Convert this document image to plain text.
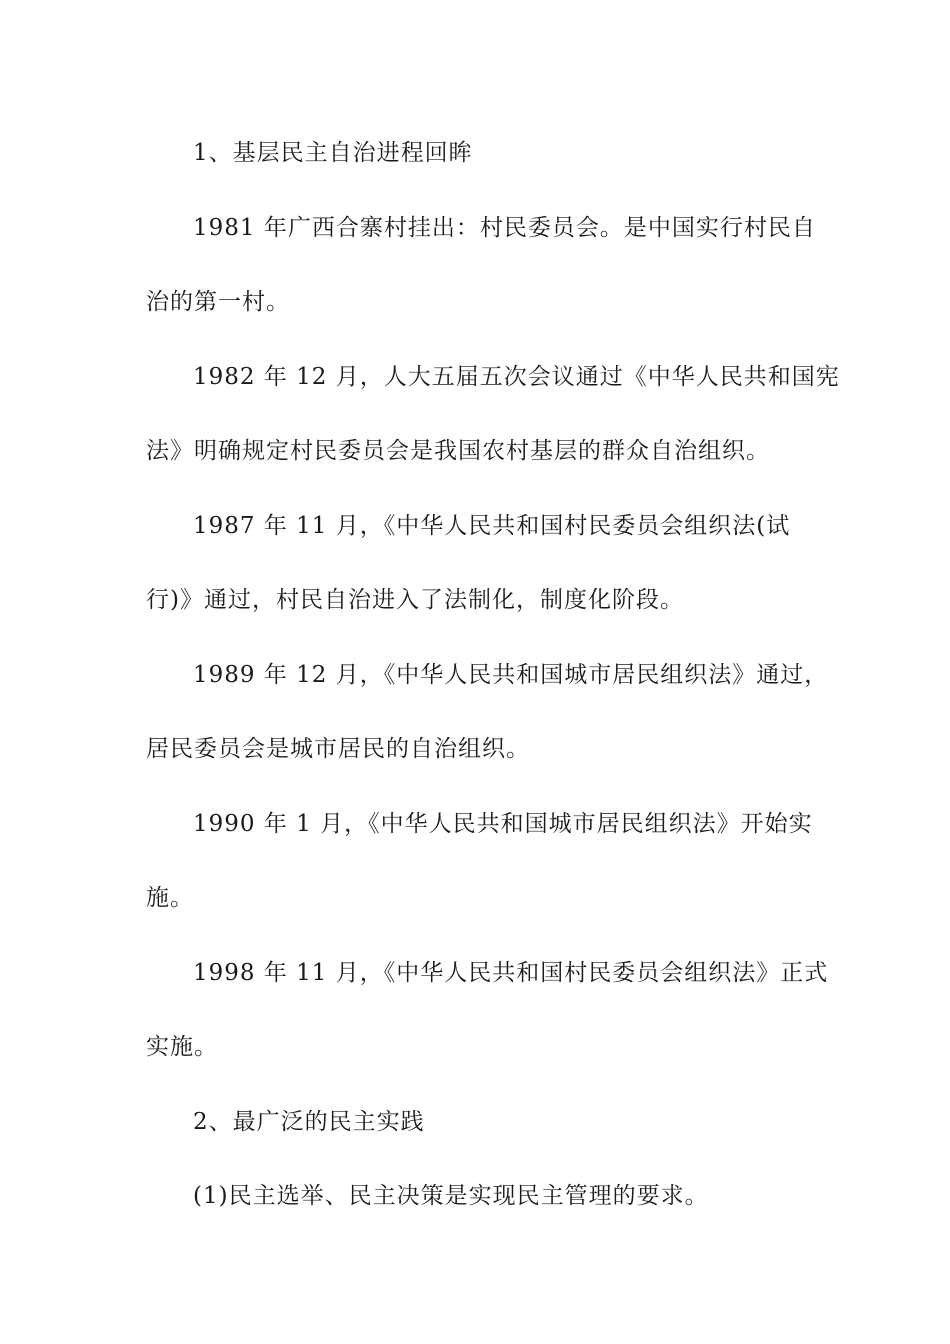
1、基层民主自治进程回眸
1981 年广西合寨村挂出：村民委员会。是中国实行村民自
治的第一村。
1982 年 12 月，人大五届五次会议通过《中华人民共和国宪
法》明确规定村民委员会是我国农村基层的群众自治组织。
1987 年 11 月，《中华人民共和国村民委员会组织法(试
行)》通过，村民自治进入了法制化，制度化阶段。
1989 年 12 月，《中华人民共和国城市居民组织法》通过，
居民委员会是城市居民的自治组织。
1990 年 1 月，《中华人民共和国城市居民组织法》开始实
施。
1998 年 11 月，《中华人民共和国村民委员会组织法》正式
实施。
2、最广泛的民主实践
(1)民主选举、民主决策是实现民主管理的要求。
